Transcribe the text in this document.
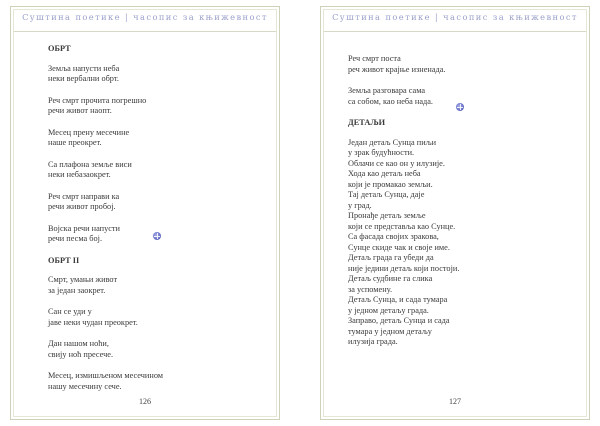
Суштина поетике | часопис за књижевност
ОБРТ
Земља напусти неба
неки вербални обрт.
Реч смрт прочита погрешно
речи живот наопт.
Месец прену месечине
наше преокрет.
Са плафона земље виси
неки небазаокрет.
Реч смрт направи ка
речи живот пробој.
Војска речи напусти
речи песма бој.
ОБРТ II
Смрт, умањи живот
за један заокрет.
Сан се уди у
јаве неки чудан преокрет.
Дан нашом ноћи,
свију ноћ пресече.
Месец, измишљеном месечином
нашу месечину сече.
126
Суштина поетике | часопис за књижевност
Реч смрт поста
реч живот крајње изненада.
Земља разговара сама
са собом, као неба нада.
ДЕТАЉИ
Један детаљ Сунца пиљи
у зрак будућности.
Облачи се као он у илузије.
Хода као детаљ неба
који је промакао земљи.
Тај детаљ Сунца, даје
у град.
Пронађе детаљ земље
који се представља као Сунце.
Са фасада својих зракова,
Сунце скиде чак и своје име.
Детаљ града га убеди да
није једини детаљ који постоји.
Детаљ судбине га слика
за успомену.
Детаљ Сунца, и сада тумара
у једном детаљу града.
Заправо, детаљ Сунца и сада
тумара у једном детаљу
илузија града.
127
